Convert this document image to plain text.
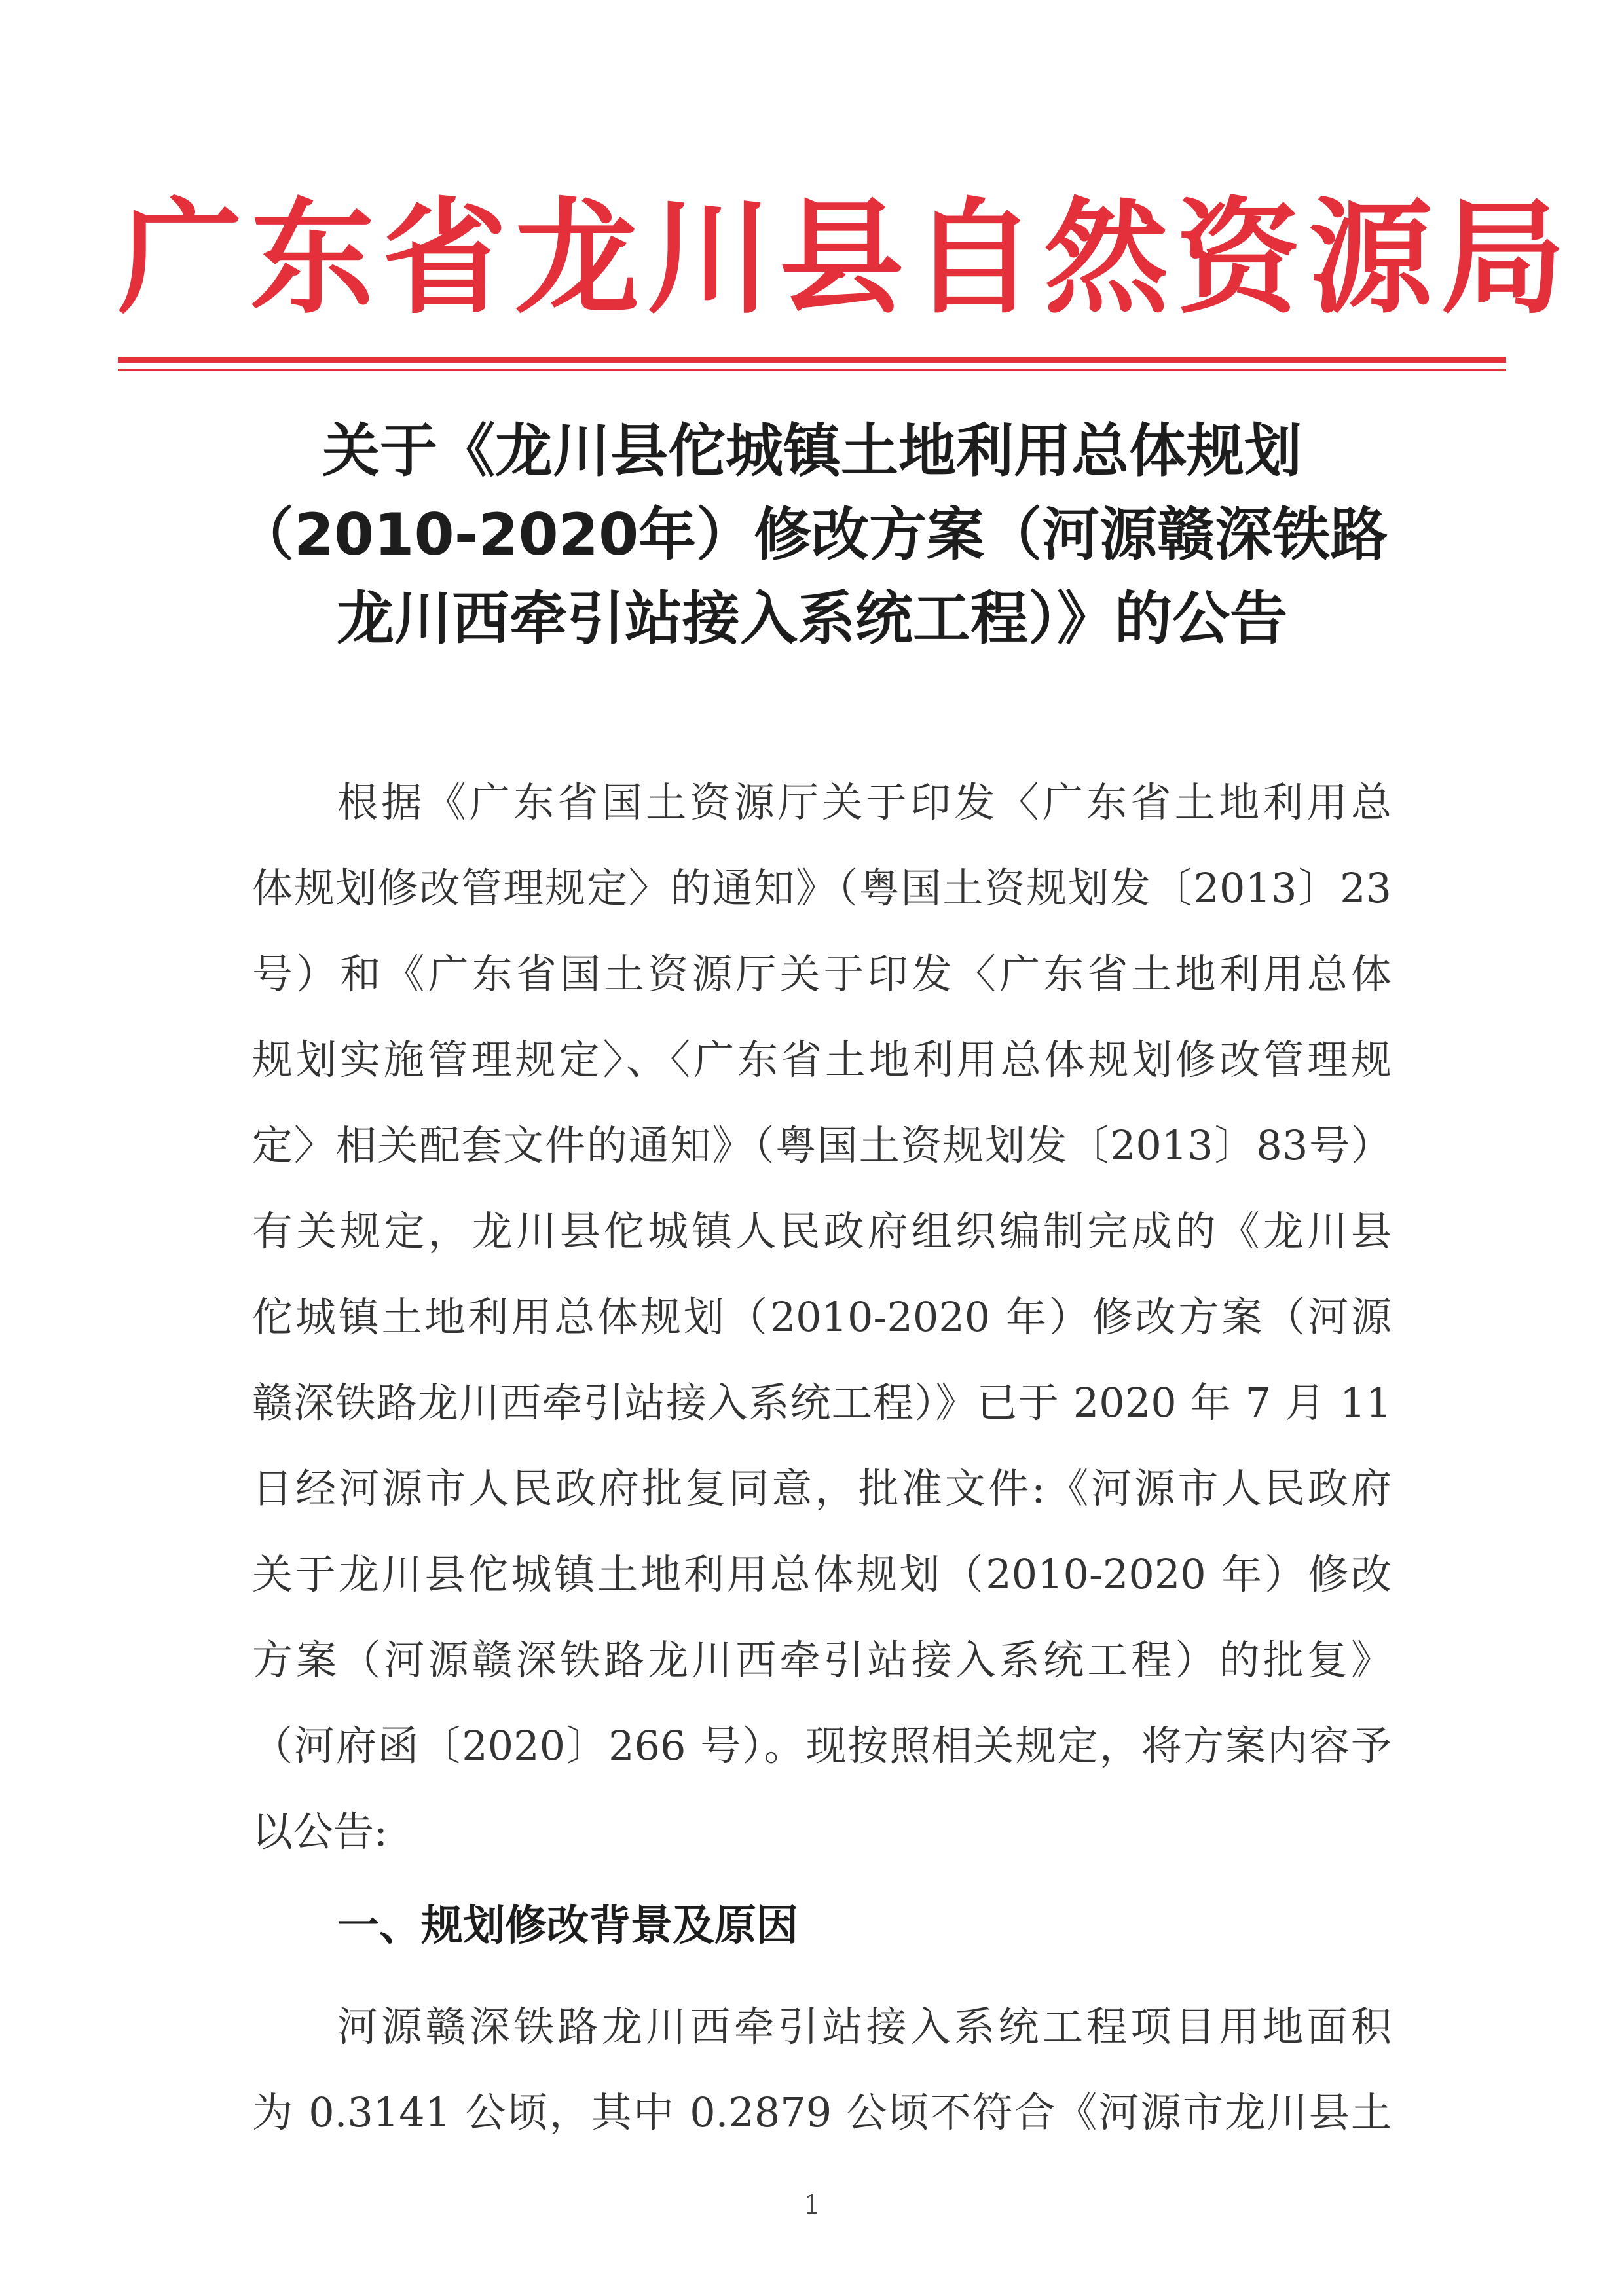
广东省龙川县自然资源局
关于《龙川县佗城镇土地利用总体规划
（2010-2020年）修改方案（河源赣深铁路
龙川西牵引站接入系统工程）》的公告
根据《广东省国土资源厅关于印发〈广东省土地利用总
体规划修改管理规定〉的通知》（粤国土资规划发〔2013〕23
号）和《广东省国土资源厅关于印发〈广东省土地利用总体
规划实施管理规定〉、〈广东省土地利用总体规划修改管理规
定〉相关配套文件的通知》（粤国土资规划发〔2013〕83号）
有关规定，龙川县佗城镇人民政府组织编制完成的《龙川县
佗城镇土地利用总体规划（2010-2020 年）修改方案（河源
赣深铁路龙川西牵引站接入系统工程）》已于 2020 年 7 月 11
日经河源市人民政府批复同意，批准文件:《河源市人民政府
关于龙川县佗城镇土地利用总体规划（2010-2020 年）修改
方案（河源赣深铁路龙川西牵引站接入系统工程）的批复》
（河府函〔2020〕266 号）。现按照相关规定，将方案内容予
以公告:
一、规划修改背景及原因
河源赣深铁路龙川西牵引站接入系统工程项目用地面积
为 0.3141 公顷，其中 0.2879 公顷不符合《河源市龙川县土
1
